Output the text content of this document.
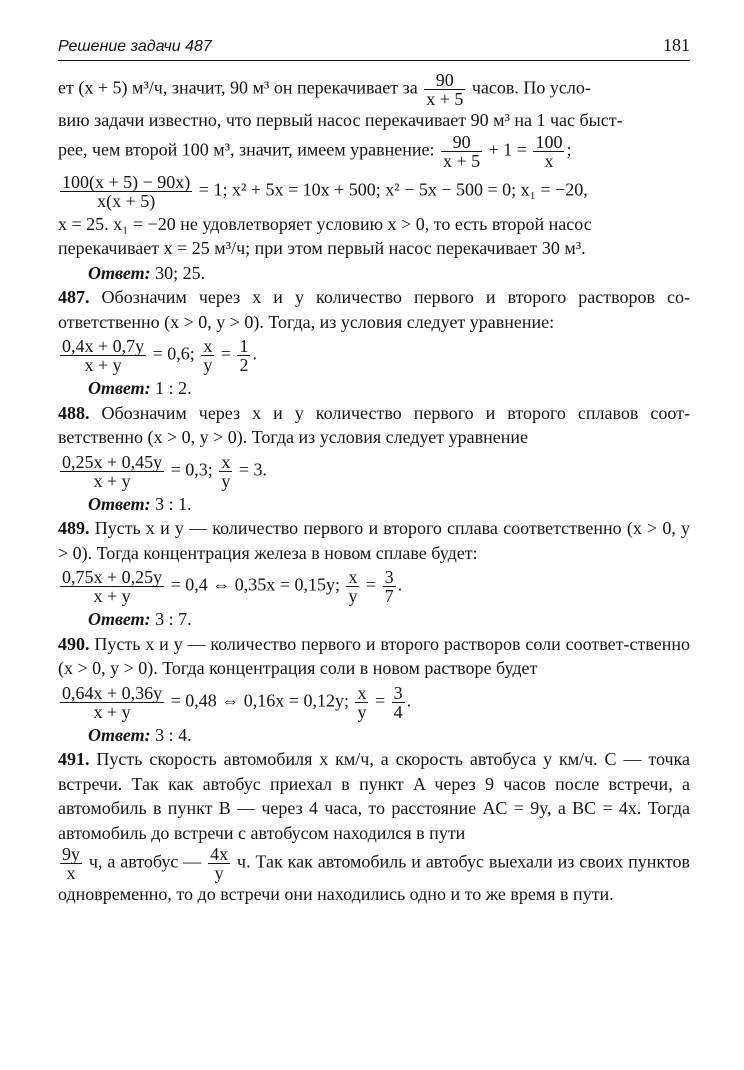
Решение задачи 487	181

ет (x + 5) м³/ч, значит, 90 м³ он перекачивает за $\frac{90}{x + 5}$ часов. По усло-

вию задачи известно, что первый насос перекачивает 90 м³ на 1 час быст-

рее, чем второй 100 м³, значит, имеем уравнение: $\frac{90}{x + 5} + 1 = \frac{100}{x}$ ;

$\frac{100(x + 5) - 90x)}{x(x + 5)} = 1$; x² + 5x = 10x + 500; x² − 5x − 500 = 0; x₁ = −20,

x = 25. x₁ = −20 не удовлетворяет условию x > 0, то есть второй насос

перекачивает x = 25 м³/ч; при этом первый насос перекачивает 30 м³.

Ответ: 30; 25.

487. Обозначим через x и y количество первого и второго растворов со-ответственно (x > 0, y > 0). Тогда, из условия следует уравнение:

$\frac{0,4x + 0,7y}{x + y} = 0,6$; $\frac{x}{y} = \frac{1}{2}$ .

Ответ: 1 : 2.

488. Обозначим через x и y количество первого и второго сплавов соот-ветственно (x > 0, y > 0). Тогда из условия следует уравнение

$\frac{0,25x + 0,45y}{x + y} = 0,3$; $\frac{x}{y} = 3$.

Ответ: 3 : 1.

489. Пусть x и y — количество первого и второго сплава соответственно (x > 0, y > 0). Тогда концентрация железа в новом сплаве будет:

$\frac{0,75x + 0,25y}{x + y} = 0,4$ ⇔ 0,35x = 0,15y; $\frac{x}{y} = \frac{3}{7}$ .

Ответ: 3 : 7.

490. Пусть x и y — количество первого и второго растворов соли соответ-ственно (x > 0, y > 0). Тогда концентрация соли в новом растворе будет

$\frac{0,64x + 0,36y}{x + y} = 0,48$ ⇔ 0,16x = 0,12y; $\frac{x}{y} = \frac{3}{4}$ .

Ответ: 3 : 4.

491. Пусть скорость автомобиля x км/ч, а скорость автобуса y км/ч. C — точка встречи. Так как автобус приехал в пункт A через 9 часов после встречи, а автомобиль в пункт B — через 4 часа, то расстояние AC = 9y, а BC = 4x. Тогда автомобиль до встречи с автобусом находился в пути

$\frac{9y}{x} ч$, а автобус — $\frac{4x}{y} ч$. Так как автомобиль и автобус выехали из своих пунктов одновременно, то до встречи они находились одно и то же время в пути.
